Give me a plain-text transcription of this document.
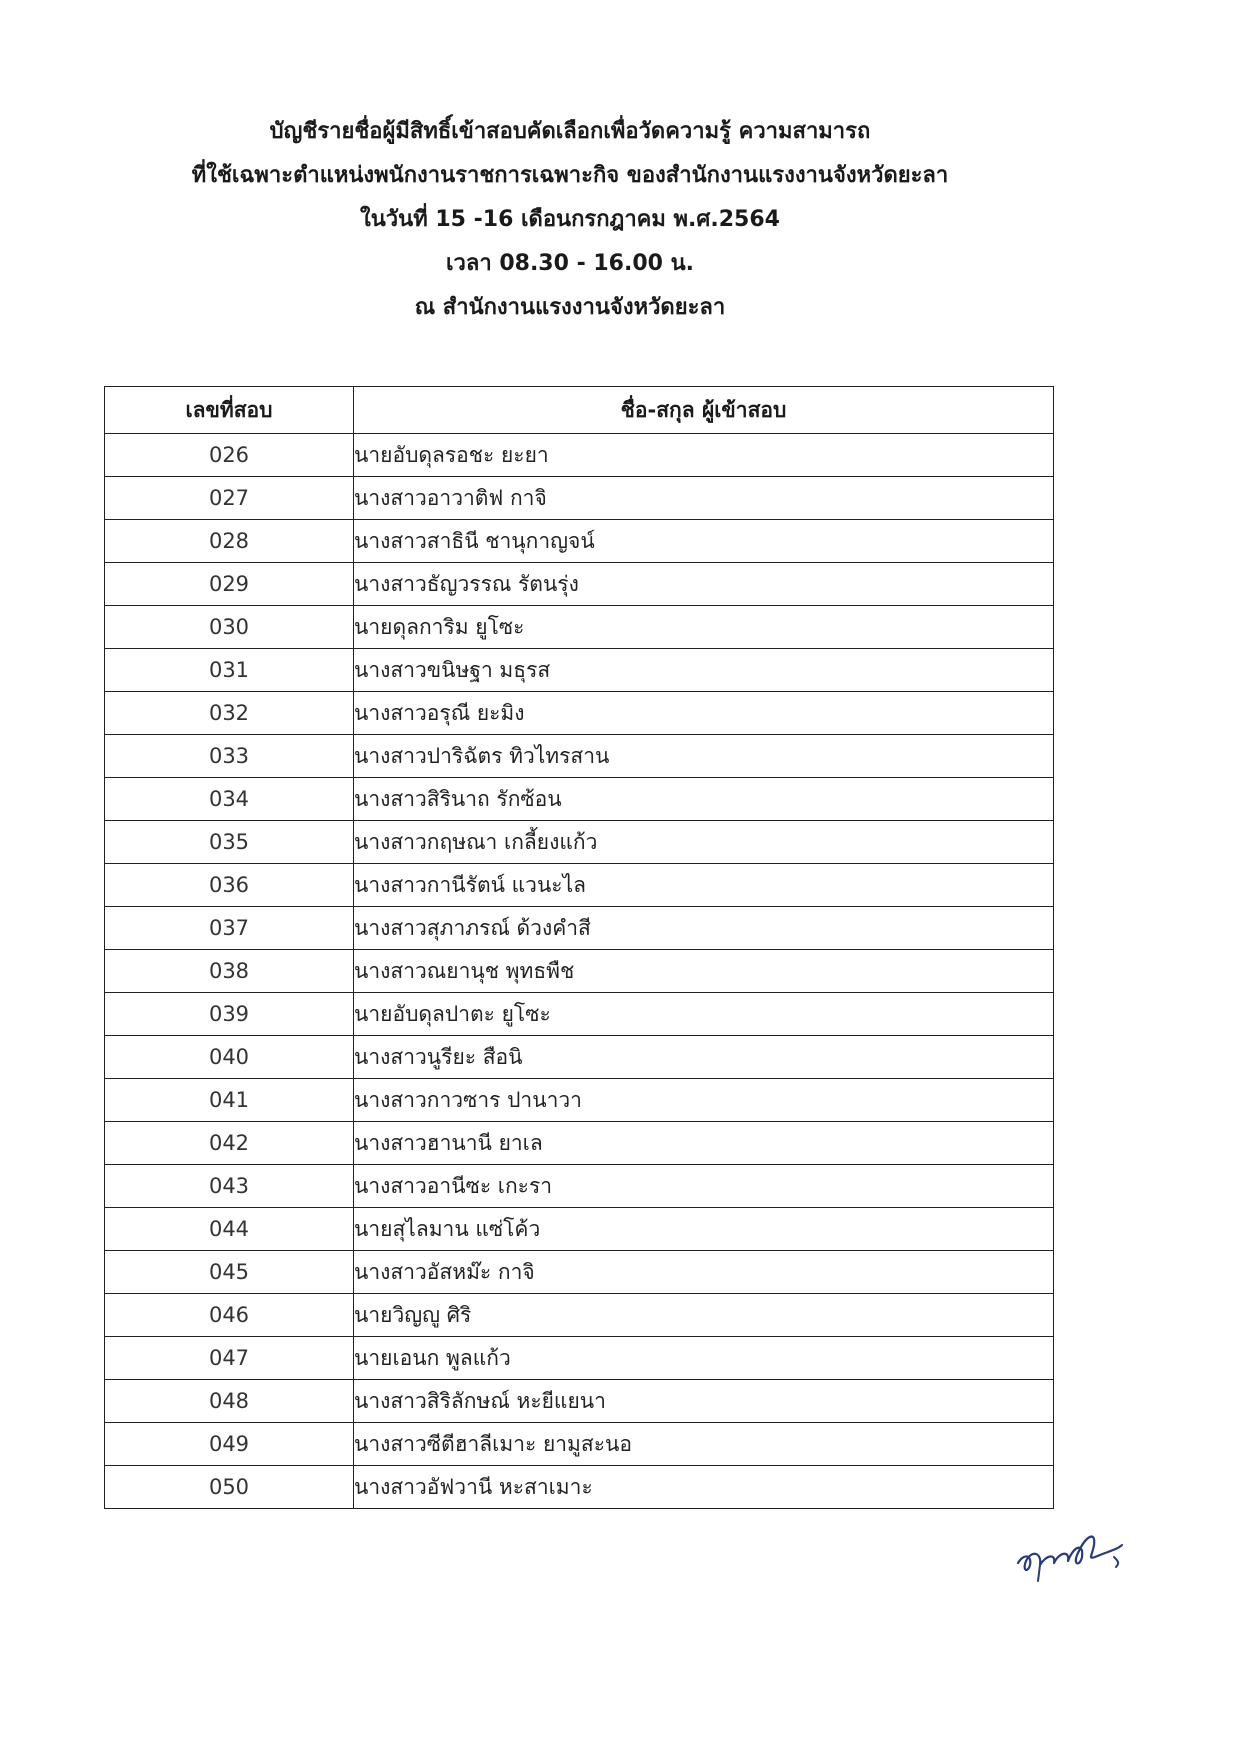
บัญชีรายชื่อผู้มีสิทธิ์เข้าสอบคัดเลือกเพื่อวัดความรู้ ความสามารถ
ที่ใช้เฉพาะตำแหน่งพนักงานราชการเฉพาะกิจ ของสำนักงานแรงงานจังหวัดยะลา
ในวันที่ 15 -16 เดือนกรกฎาคม พ.ศ.2564
เวลา 08.30 - 16.00 น.
ณ สำนักงานแรงงานจังหวัดยะลา
เลขที่สอบ	ชื่อ-สกุล ผู้เข้าสอบ
026	นายอับดุลรอชะ ยะยา
027	นางสาวอาวาติฟ กาจิ
028	นางสาวสาธินี ชานุกาญจน์
029	นางสาวธัญวรรณ รัตนรุ่ง
030	นายดุลการิม ยูโซะ
031	นางสาวขนิษฐา มธุรส
032	นางสาวอรุณี ยะมิง
033	นางสาวปาริฉัตร ทิวไทรสาน
034	นางสาวสิรินาถ รักซ้อน
035	นางสาวกฤษณา เกลี้ยงแก้ว
036	นางสาวกานีรัตน์ แวนะไล
037	นางสาวสุภาภรณ์ ด้วงคำสี
038	นางสาวณยานุช พุทธพืช
039	นายอับดุลปาตะ ยูโซะ
040	นางสาวนูรียะ สือนิ
041	นางสาวกาวซาร ปานาวา
042	นางสาวฮานานี ยาเล
043	นางสาวอานีซะ เกะรา
044	นายสุไลมาน แซ่โค้ว
045	นางสาวอัสหม๊ะ กาจิ
046	นายวิญญู ศิริ
047	นายเอนก พูลแก้ว
048	นางสาวสิริลักษณ์ หะยีแยนา
049	นางสาวซีตีฮาลีเมาะ ยามูสะนอ
050	นางสาวอัฟวานี หะสาเมาะ
